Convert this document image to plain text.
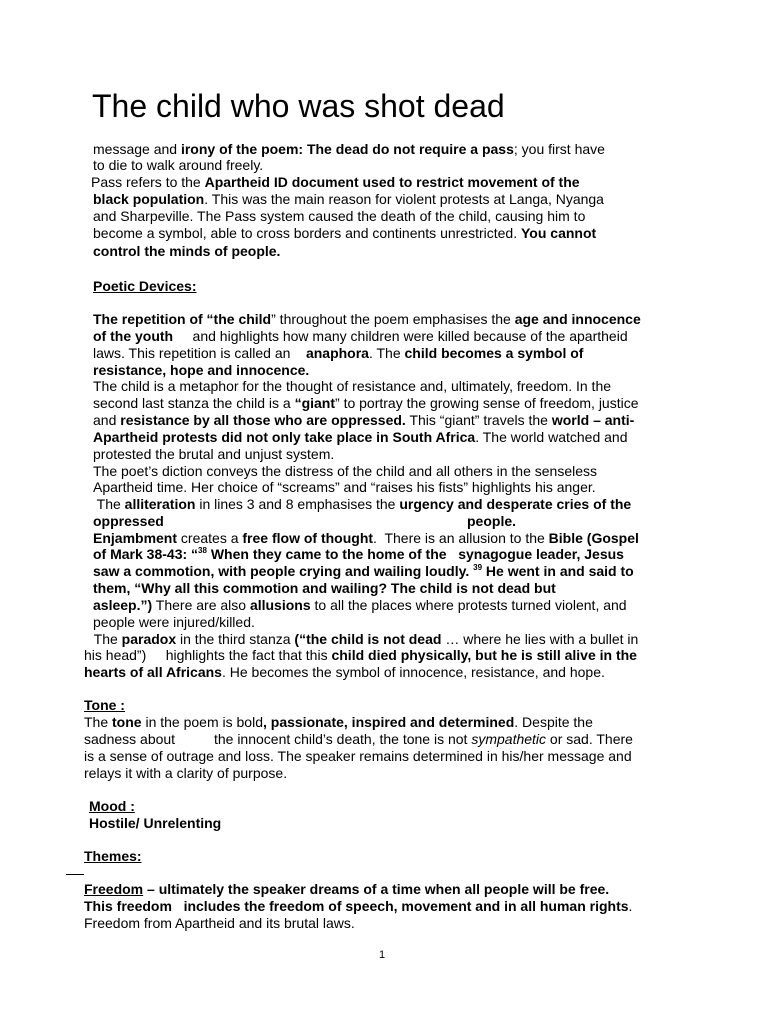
The child who was shot dead
message and irony of the poem: The dead do not require a pass; you first have
to die to walk around freely.
Pass refers to the Apartheid ID document used to restrict movement of the
black population. This was the main reason for violent protests at Langa, Nyanga
and Sharpeville. The Pass system caused the death of the child, causing him to
become a symbol, able to cross borders and continents unrestricted. You cannot
control the minds of people.
Poetic Devices:
The repetition of “the child” throughout the poem emphasises the age and innocence
of the youth     and highlights how many children were killed because of the apartheid
laws. This repetition is called an    anaphora. The child becomes a symbol of
resistance, hope and innocence.
The child is a metaphor for the thought of resistance and, ultimately, freedom. In the
second last stanza the child is a “giant” to portray the growing sense of freedom, justice
and resistance by all those who are oppressed. This “giant” travels the world – anti-
Apartheid protests did not only take place in South Africa. The world watched and
protested the brutal and unjust system.
The poet’s diction conveys the distress of the child and all others in the senseless
Apartheid time. Her choice of “screams” and “raises his fists” highlights his anger.
The alliteration in lines 3 and 8 emphasises the urgency and desperate cries of the
oppressed	people.
Enjambment creates a free flow of thought.  There is an allusion to the Bible (Gospel
of Mark 38-43: “$^{38}$ When they came to the home of the   synagogue leader, Jesus
saw a commotion, with people crying and wailing loudly. $^{39}$ He went in and said to
them, “Why all this commotion and wailing? The child is not dead but
asleep.”) There are also allusions to all the places where protests turned violent, and
people were injured/killed.
The paradox in the third stanza (“the child is not dead … where he lies with a bullet in
his head”)     highlights the fact that this child died physically, but he is still alive in the
hearts of all Africans. He becomes the symbol of innocence, resistance, and hope.
Tone :
The tone in the poem is bold, passionate, inspired and determined. Despite the
sadness about          the innocent child’s death, the tone is not sympathetic or sad. There
is a sense of outrage and loss. The speaker remains determined in his/her message and
relays it with a clarity of purpose.
Mood :
Hostile/ Unrelenting
Themes:
Freedom – ultimately the speaker dreams of a time when all people will be free.
This freedom   includes the freedom of speech, movement and in all human rights.
Freedom from Apartheid and its brutal laws.
1
